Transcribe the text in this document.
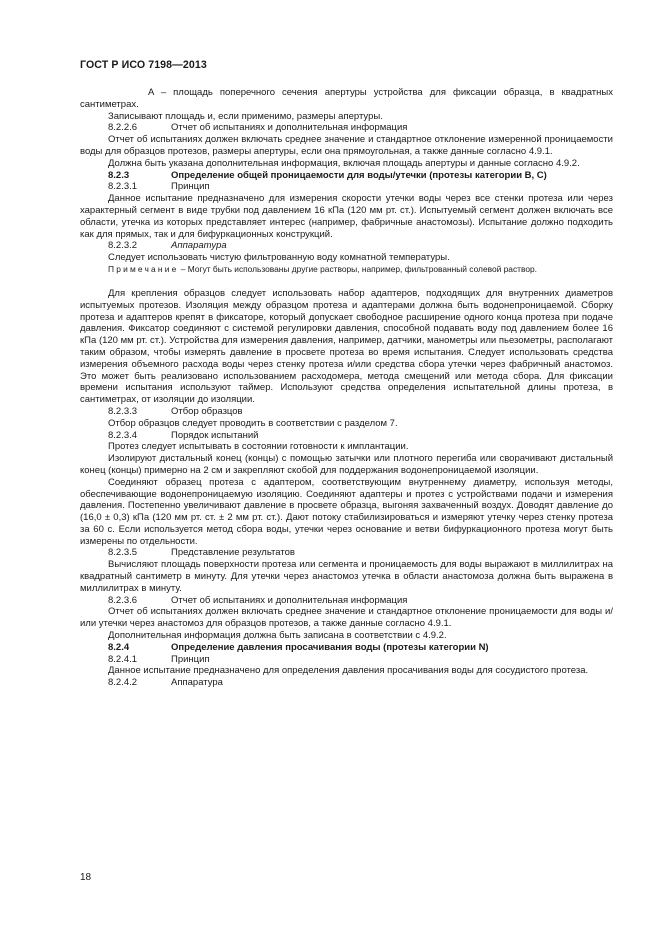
ГОСТ Р ИСО 7198—2013

A – площадь поперечного сечения апертуры устройства для фиксации образца, в квадратных сантиметрах.

Записывают площадь и, если применимо, размеры апертуры.

8.2.2.6	Отчет об испытаниях и дополнительная информация

Отчет об испытаниях должен включать среднее значение и стандартное отклонение измеренной проницаемости воды для образцов протезов, размеры апертуры, если она прямоугольная, а также данные согласно 4.9.1.

Должна быть указана дополнительная информация, включая площадь апертуры и данные согласно 4.9.2.

8.2.3	Определение общей проницаемости для воды/утечки (протезы категории B, C)
8.2.3.1	Принцип

Данное испытание предназначено для измерения скорости утечки воды через все стенки протеза или через характерный сегмент в виде трубки под давлением 16 кПа (120 мм рт. ст.). Испытуемый сегмент должен включать все области, утечка из которых представляет интерес (например, фабричные анастомозы). Испытание должно подходить как для прямых, так и для бифуркационных конструкций.

8.2.3.2	Аппаратура

Следует использовать чистую фильтрованную воду комнатной температуры.

Примечание – Могут быть использованы другие растворы, например, фильтрованный солевой раствор.

Для крепления образцов следует использовать набор адаптеров, подходящих для внутренних диаметров испытуемых протезов. Изоляция между образцом протеза и адаптерами должна быть водонепроницаемой. Сборку протеза и адаптеров крепят в фиксаторе, который допускает свободное расширение одного конца протеза при подаче давления. Фиксатор соединяют с системой регулировки давления, способной подавать воду под давлением более 16 кПа (120 мм рт. ст.). Устройства для измерения давления, например, датчики, манометры или пьезометры, располагают таким образом, чтобы измерять давление в просвете протеза во время испытания. Следует использовать средства измерения объемного расхода воды через стенку протеза и/или средства сбора утечки через фабричный анастомоз. Это может быть реализовано использованием расходомера, метода смещений или метода сбора. Для фиксации времени испытания используют таймер. Используют средства определения испытательной длины протеза, в сантиметрах, от изоляции до изоляции.

8.2.3.3	Отбор образцов

Отбор образцов следует проводить в соответствии с разделом 7.

8.2.3.4	Порядок испытаний

Протез следует испытывать в состоянии готовности к имплантации.

Изолируют дистальный конец (концы) с помощью затычки или плотного перегиба или сворачивают дистальный конец (концы) примерно на 2 см и закрепляют скобой для поддержания водонепроницаемой изоляции.

Соединяют образец протеза с адаптером, соответствующим внутреннему диаметру, используя методы, обеспечивающие водонепроницаемую изоляцию. Соединяют адаптеры и протез с устройствами подачи и измерения давления. Постепенно увеличивают давление в просвете образца, выгоняя захваченный воздух. Доводят давление до (16,0 ± 0,3) кПа (120 мм рт. ст. ± 2 мм рт. ст.). Дают потоку стабилизироваться и измеряют утечку через стенку протеза за 60 с. Если используется метод сбора воды, утечки через основание и ветви бифуркационного протеза могут быть измерены по отдельности.

8.2.3.5	Представление результатов

Вычисляют площадь поверхности протеза или сегмента и проницаемость для воды выражают в миллилитрах на квадратный сантиметр в минуту. Для утечки через анастомоз утечка в области анастомоза должна быть выражена в миллилитрах в минуту.

8.2.3.6	Отчет об испытаниях и дополнительная информация

Отчет об испытаниях должен включать среднее значение и стандартное отклонение проницаемости для воды и/или утечки через анастомоз для образцов протезов, а также данные согласно 4.9.1.

Дополнительная информация должна быть записана в соответствии с 4.9.2.

8.2.4	Определение давления просачивания воды (протезы категории N)
8.2.4.1	Принцип

Данное испытание предназначено для определения давления просачивания воды для сосудистого протеза.

8.2.4.2	Аппаратура
18
